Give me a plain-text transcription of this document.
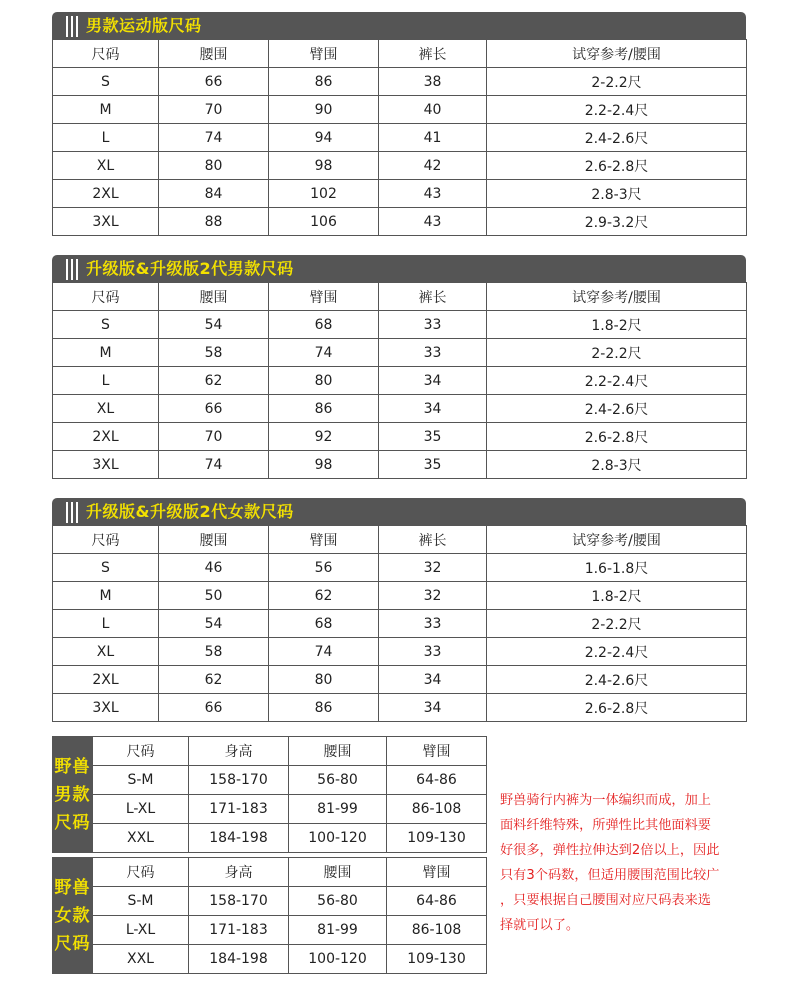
男款运动版尺码
尺码	腰围	臂围	裤长	试穿参考/腰围
S	66	86	38	2-2.2尺
M	70	90	40	2.2-2.4尺
L	74	94	41	2.4-2.6尺
XL	80	98	42	2.6-2.8尺
2XL	84	102	43	2.8-3尺
3XL	88	106	43	2.9-3.2尺
升级版&升级版2代男款尺码
尺码	腰围	臂围	裤长	试穿参考/腰围
S	54	68	33	1.8-2尺
M	58	74	33	2-2.2尺
L	62	80	34	2.2-2.4尺
XL	66	86	34	2.4-2.6尺
2XL	70	92	35	2.6-2.8尺
3XL	74	98	35	2.8-3尺
升级版&升级版2代女款尺码
尺码	腰围	臂围	裤长	试穿参考/腰围
S	46	56	32	1.6-1.8尺
M	50	62	32	1.8-2尺
L	54	68	33	2-2.2尺
XL	58	74	33	2.2-2.4尺
2XL	62	80	34	2.4-2.6尺
3XL	66	86	34	2.6-2.8尺
野兽
男款
尺码	尺码	身高	腰围	臂围
	S-M	158-170	56-80	64-86
	L-XL	171-183	81-99	86-108
	XXL	184-198	100-120	109-130
野兽
女款
尺码	尺码	身高	腰围	臂围
	S-M	158-170	56-80	64-86
	L-XL	171-183	81-99	86-108
	XXL	184-198	100-120	109-130
野兽骑行内裤为一体编织而成，加上
面料纤维特殊，所弹性比其他面料要
好很多，弹性拉伸达到2倍以上，因此
只有3个码数，但适用腰围范围比较广
，只要根据自己腰围对应尺码表来选
择就可以了。
